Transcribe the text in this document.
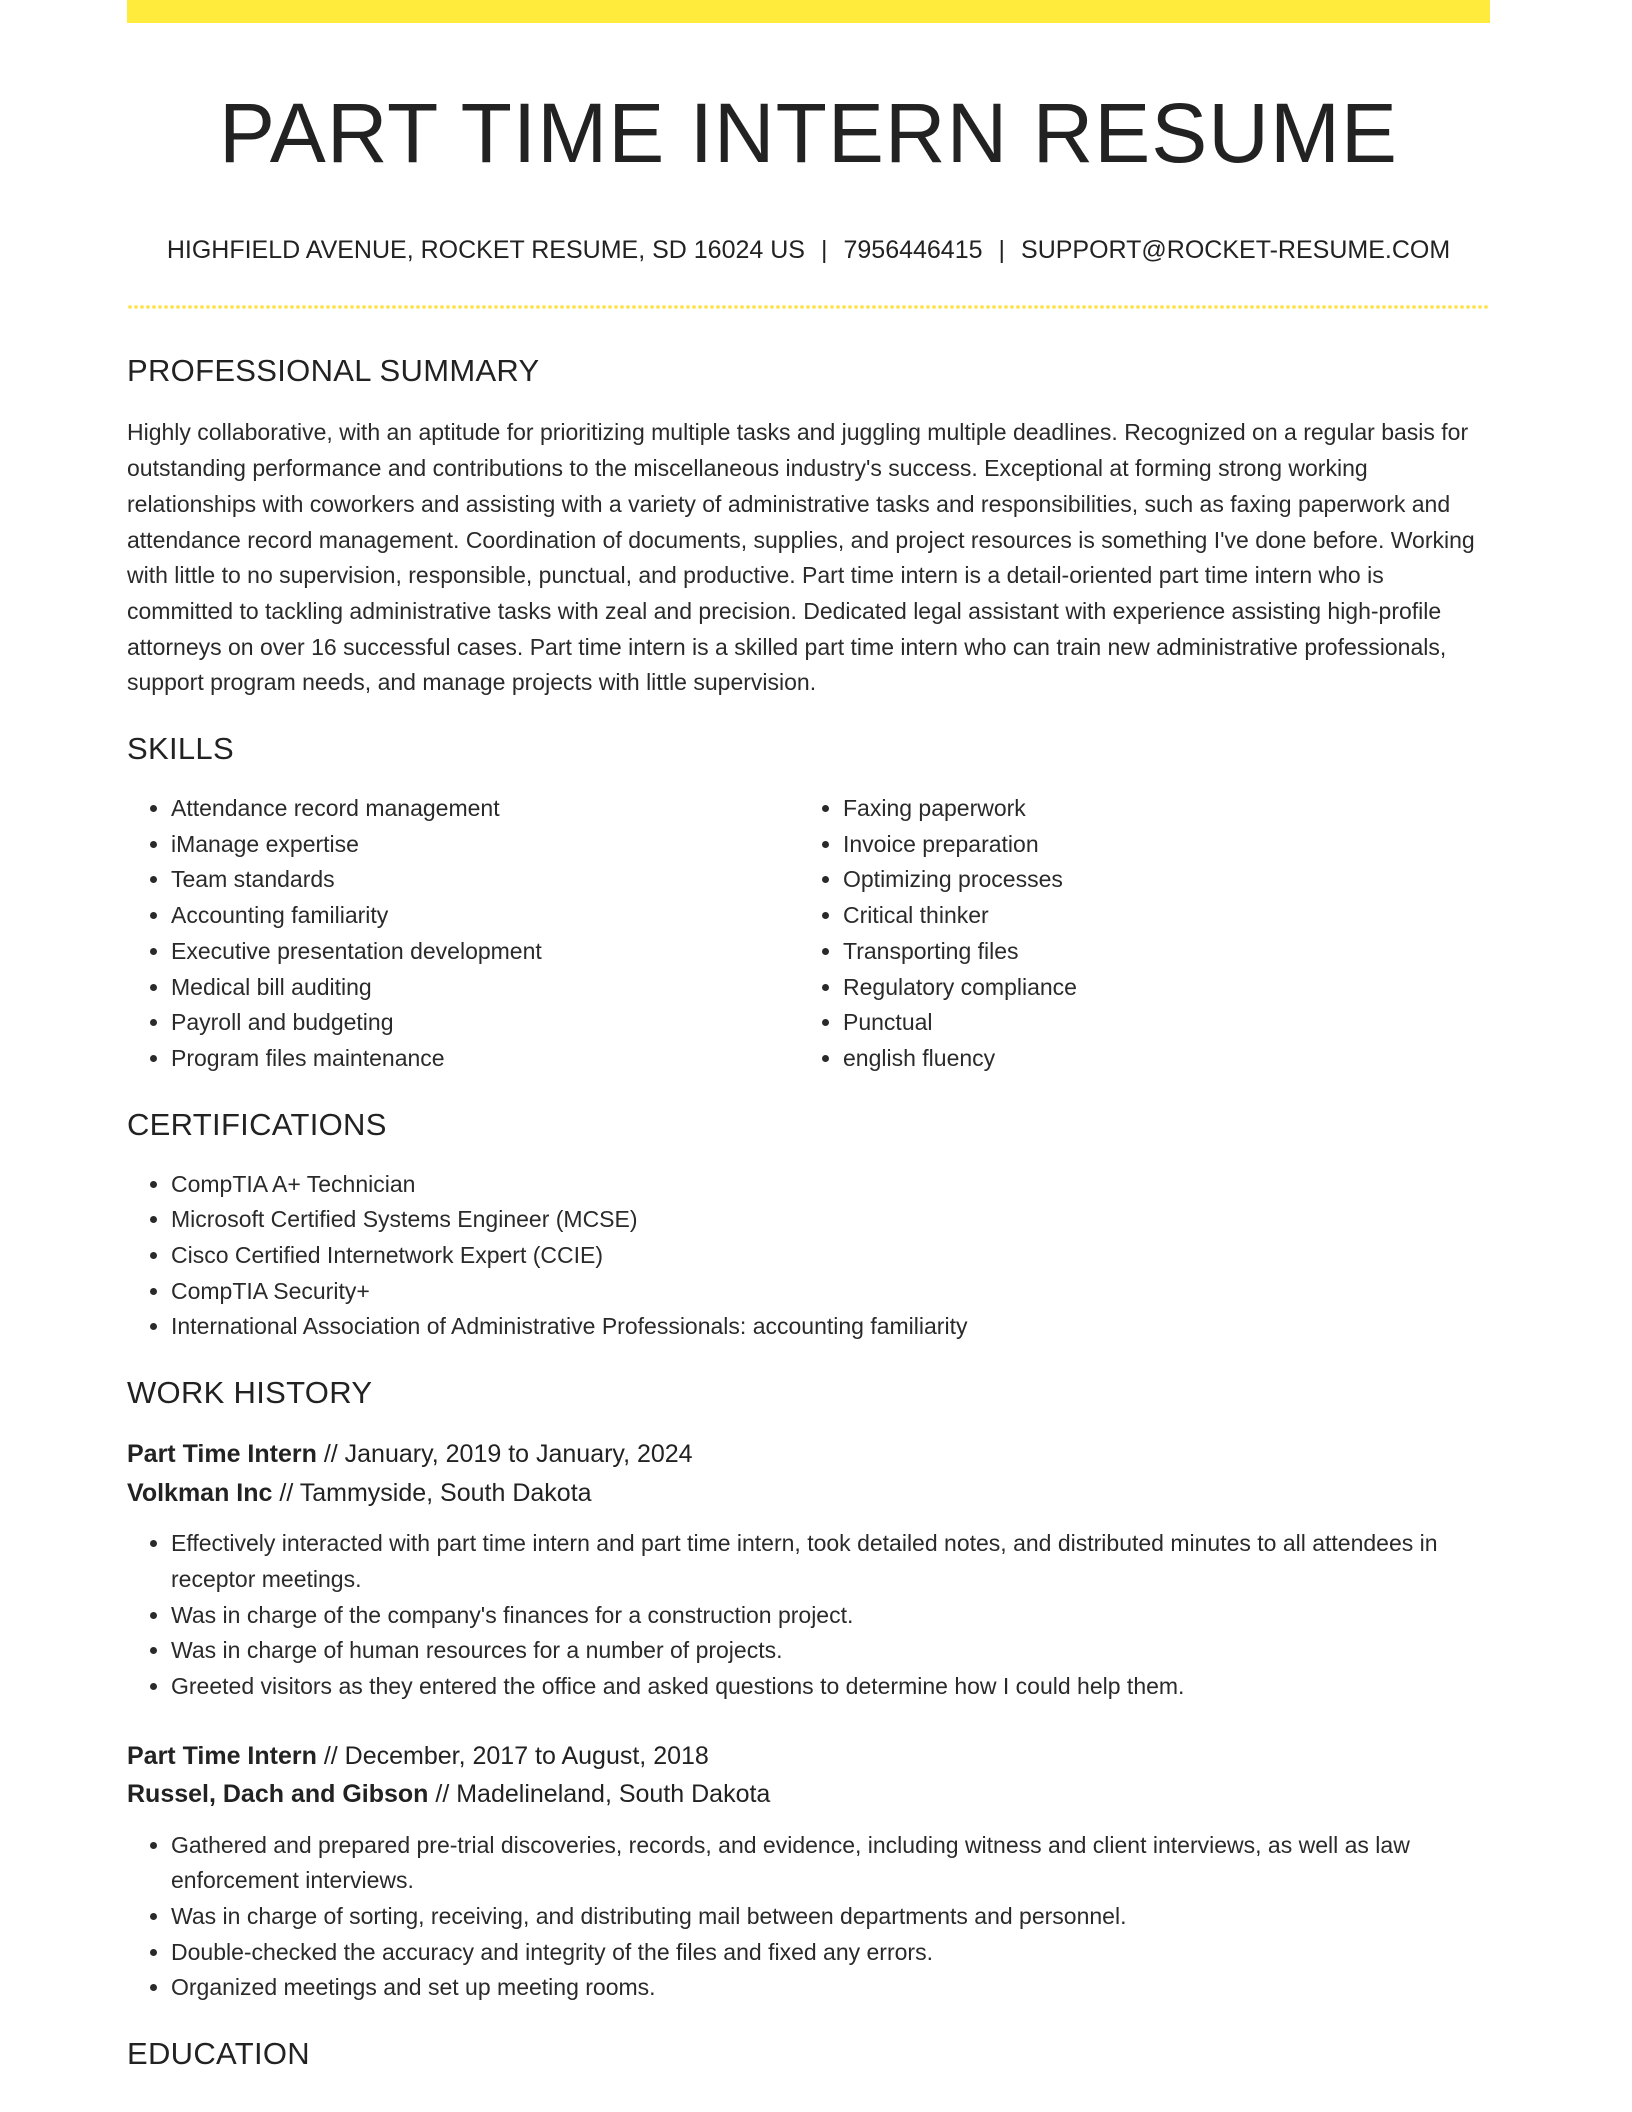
PART TIME INTERN RESUME
HIGHFIELD AVENUE, ROCKET RESUME, SD 16024 US | 7956446415 | SUPPORT@ROCKET-RESUME.COM
PROFESSIONAL SUMMARY

Highly collaborative, with an aptitude for prioritizing multiple tasks and juggling multiple deadlines. Recognized on a regular basis for outstanding performance and contributions to the miscellaneous industry's success. Exceptional at forming strong working relationships with coworkers and assisting with a variety of administrative tasks and responsibilities, such as faxing paperwork and attendance record management. Coordination of documents, supplies, and project resources is something I've done before. Working with little to no supervision, responsible, punctual, and productive. Part time intern is a detail-oriented part time intern who is committed to tackling administrative tasks with zeal and precision. Dedicated legal assistant with experience assisting high-profile attorneys on over 16 successful cases. Part time intern is a skilled part time intern who can train new administrative professionals, support program needs, and manage projects with little supervision.

SKILLS
• Attendance record management
• iManage expertise
• Team standards
• Accounting familiarity
• Executive presentation development
• Medical bill auditing
• Payroll and budgeting
• Program files maintenance
• Faxing paperwork
• Invoice preparation
• Optimizing processes
• Critical thinker
• Transporting files
• Regulatory compliance
• Punctual
• english fluency
CERTIFICATIONS
• CompTIA A+ Technician
• Microsoft Certified Systems Engineer (MCSE)
• Cisco Certified Internetwork Expert (CCIE)
• CompTIA Security+
• International Association of Administrative Professionals: accounting familiarity
WORK HISTORY
Part Time Intern // January, 2019 to January, 2024
Volkman Inc // Tammyside, South Dakota
• Effectively interacted with part time intern and part time intern, took detailed notes, and distributed minutes to all attendees in receptor meetings.
• Was in charge of the company's finances for a construction project.
• Was in charge of human resources for a number of projects.
• Greeted visitors as they entered the office and asked questions to determine how I could help them.
Part Time Intern // December, 2017 to August, 2018
Russel, Dach and Gibson // Madelineland, South Dakota
• Gathered and prepared pre-trial discoveries, records, and evidence, including witness and client interviews, as well as law enforcement interviews.
• Was in charge of sorting, receiving, and distributing mail between departments and personnel.
• Double-checked the accuracy and integrity of the files and fixed any errors.
• Organized meetings and set up meeting rooms.
EDUCATION
